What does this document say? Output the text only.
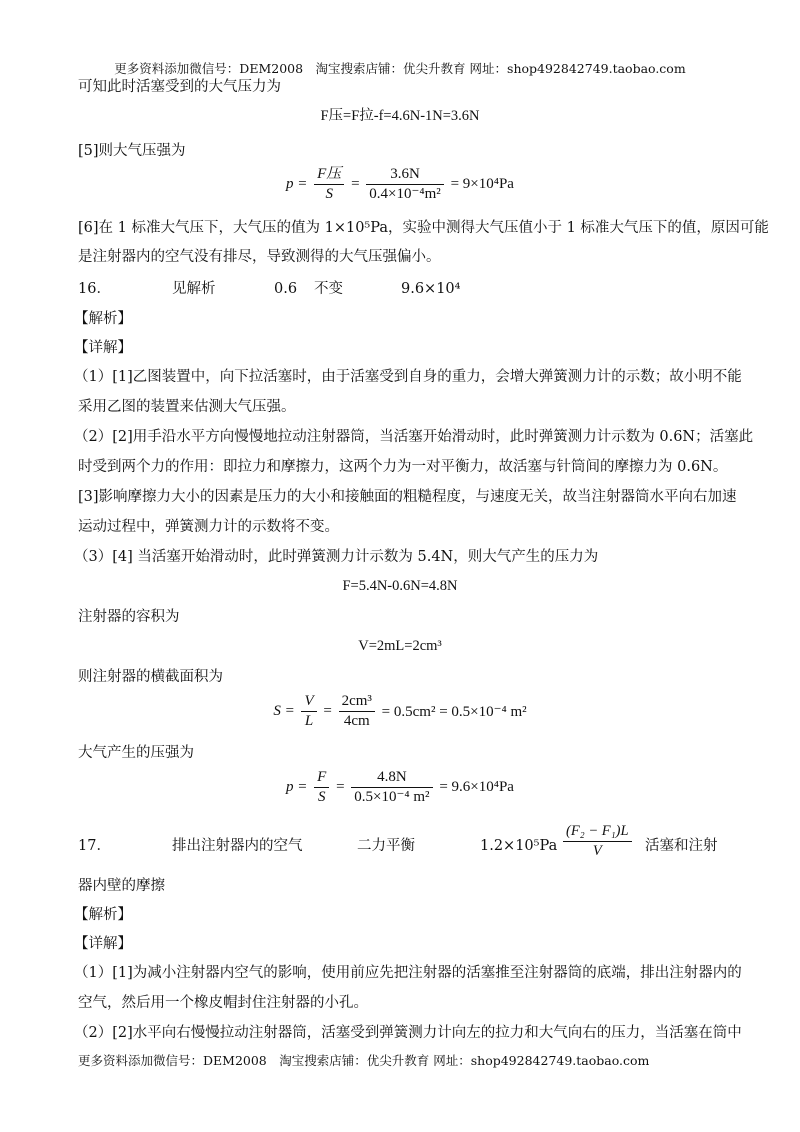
更多资料添加微信号：DEM2008　淘宝搜索店铺：优尖升教育 网址：shop492842749.taobao.com
可知此时活塞受到的大气压力为
F压=F拉-f=4.6N-1N=3.6N
[5]则大气压强为
$p = \frac{\text{F压}}{S} = \frac{3.6N}{\text{0.4×10⁻⁴m²}} = 9\times 10^4Pa$
[6]在 1 标准大气压下，大气压的值为 1×10⁵Pa，实验中测得大气压值小于 1 标准大气压下的值，原因可能
是注射器内的空气没有排尽，导致测得的大气压强偏小。
16．	见解析	0.6 不变	9.6×10⁴
【解析】
【详解】
（1）[1]乙图装置中，向下拉活塞时，由于活塞受到自身的重力，会增大弹簧测力计的示数；故小明不能
采用乙图的装置来估测大气压强。
（2）[2]用手沿水平方向慢慢地拉动注射器筒，当活塞开始滑动时，此时弹簧测力计示数为 0.6N；活塞此
时受到两个力的作用：即拉力和摩擦力，这两个力为一对平衡力，故活塞与针筒间的摩擦力为 0.6N。
[3]影响摩擦力大小的因素是压力的大小和接触面的粗糙程度，与速度无关，故当注射器筒水平向右加速
运动过程中，弹簧测力计的示数将不变。
（3）[4] 当活塞开始滑动时，此时弹簧测力计示数为 5.4N，则大气产生的压力为
F=5.4N-0.6N=4.8N
注射器的容积为
V=2mL=2cm³
则注射器的横截面积为
$S = \frac{V}{L} = \frac{\text{2cm³}}{4cm} = 0.5cm^2 = 0.5\times 10^{-4}$ m²
大气产生的压强为
$p = \frac{F}{S} = \frac{4.8N}{\text{0.5×10⁻⁴ m²}} = 9.6\times 10^4Pa$
17．	排出注射器内的空气	二力平衡	$1.2\times 10^5Pa \frac{\text{(F₂ − F₁)L}}{V}$ 活塞和注射
器内壁的摩擦
【解析】
【详解】
（1）[1]为减小注射器内空气的影响，使用前应先把注射器的活塞推至注射器筒的底端，排出注射器内的
空气，然后用一个橡皮帽封住注射器的小孔。
（2）[2]水平向右慢慢拉动注射器筒，活塞受到弹簧测力计向左的拉力和大气向右的压力，当活塞在筒中
更多资料添加微信号：DEM2008　淘宝搜索店铺：优尖升教育 网址：shop492842749.taobao.com
